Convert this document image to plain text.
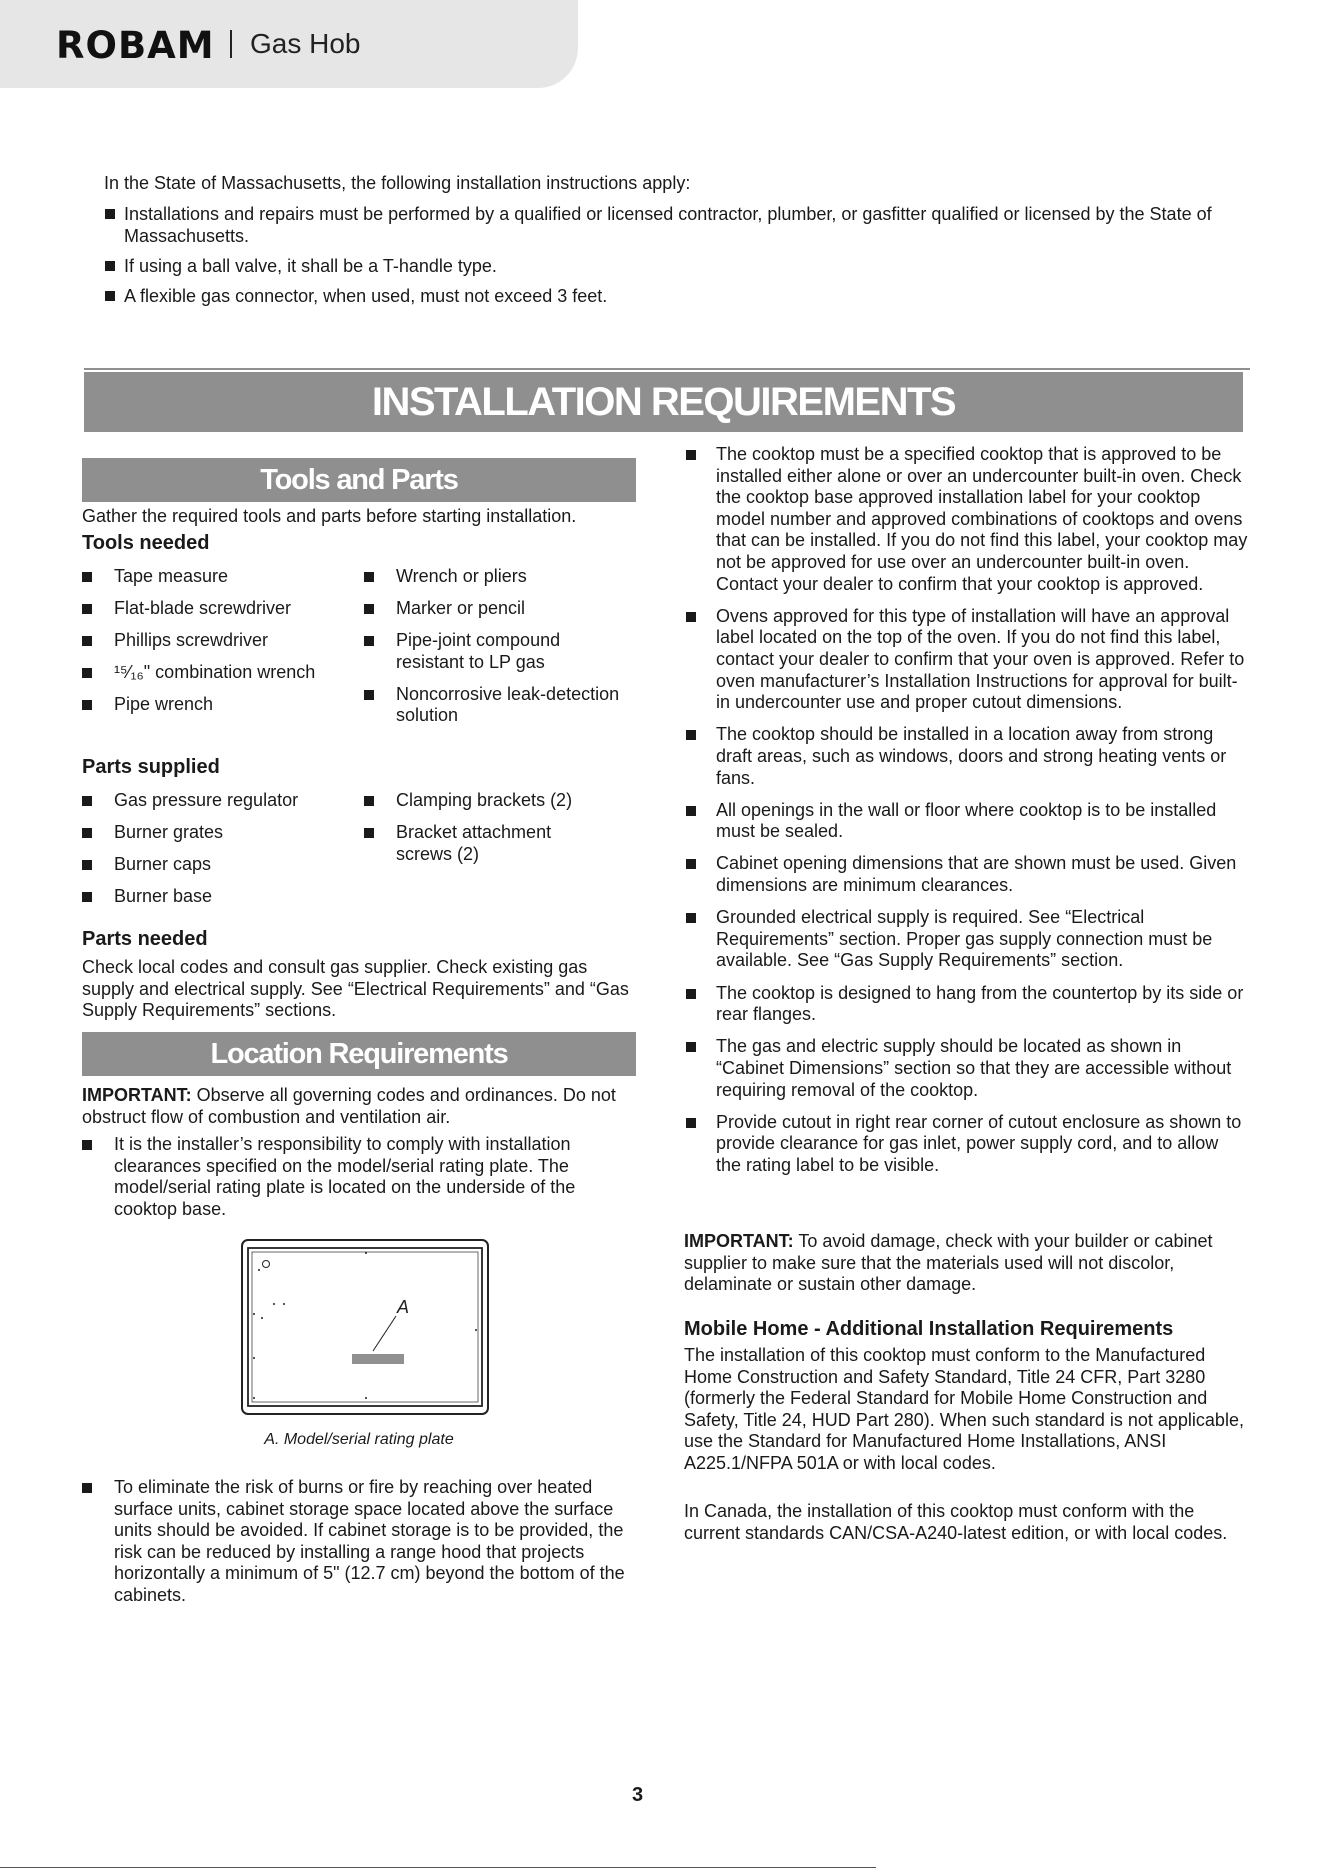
ROBAM Gas Hob

In the State of Massachusetts, the following installation instructions apply:

Installations and repairs must be performed by a qualified or licensed contractor, plumber, or gasfitter qualified or licensed by the State of Massachusetts.
If using a ball valve, it shall be a T-handle type.
A flexible gas connector, when used, must not exceed 3 feet.
INSTALLATION REQUIREMENTS
Tools and Parts
Gather the required tools and parts before starting installation.
Tools needed
Tape measure
Flat-blade screwdriver
Phillips screwdriver
¹⁵⁄₁₆" combination wrench
Pipe wrench
Wrench or pliers
Marker or pencil
Pipe-joint compound resistant to LP gas
Noncorrosive leak-detection solution
Parts supplied
Gas pressure regulator
Burner grates
Burner caps
Burner base
Clamping brackets (2)
Bracket attachment screws (2)
Parts needed
Check local codes and consult gas supplier. Check existing gas supply and electrical supply. See “Electrical Requirements” and “Gas Supply Requirements” sections.
Location Requirements
IMPORTANT: Observe all governing codes and ordinances. Do not obstruct flow of combustion and ventilation air.
It is the installer’s responsibility to comply with installation clearances specified on the model/serial rating plate. The model/serial rating plate is located on the underside of the cooktop base.
A
A. Model/serial rating plate
To eliminate the risk of burns or fire by reaching over heated surface units, cabinet storage space located above the surface units should be avoided. If cabinet storage is to be provided, the risk can be reduced by installing a range hood that projects horizontally a minimum of 5" (12.7 cm) beyond the bottom of the cabinets.
The cooktop must be a specified cooktop that is approved to be installed either alone or over an undercounter built-in oven. Check the cooktop base approved installation label for your cooktop model number and approved combinations of cooktops and ovens that can be installed. If you do not find this label, your cooktop may not be approved for use over an undercounter built-in oven. Contact your dealer to confirm that your cooktop is approved.
Ovens approved for this type of installation will have an approval label located on the top of the oven. If you do not find this label, contact your dealer to confirm that your oven is approved. Refer to oven manufacturer’s Installation Instructions for approval for built-in undercounter use and proper cutout dimensions.
The cooktop should be installed in a location away from strong draft areas, such as windows, doors and strong heating vents or fans.
All openings in the wall or floor where cooktop is to be installed must be sealed.
Cabinet opening dimensions that are shown must be used. Given dimensions are minimum clearances.
Grounded electrical supply is required. See “Electrical Requirements” section. Proper gas supply connection must be available. See “Gas Supply Requirements” section.
The cooktop is designed to hang from the countertop by its side or rear flanges.
The gas and electric supply should be located as shown in “Cabinet Dimensions” section so that they are accessible without requiring removal of the cooktop.
Provide cutout in right rear corner of cutout enclosure as shown to provide clearance for gas inlet, power supply cord, and to allow the rating label to be visible.
IMPORTANT: To avoid damage, check with your builder or cabinet supplier to make sure that the materials used will not discolor, delaminate or sustain other damage.
Mobile Home - Additional Installation Requirements
The installation of this cooktop must conform to the Manufactured Home Construction and Safety Standard, Title 24 CFR, Part 3280 (formerly the Federal Standard for Mobile Home Construction and Safety, Title 24, HUD Part 280). When such standard is not applicable, use the Standard for Manufactured Home Installations, ANSI A225.1/NFPA 501A or with local codes.
In Canada, the installation of this cooktop must conform with the current standards CAN/CSA-A240-latest edition, or with local codes.
3
